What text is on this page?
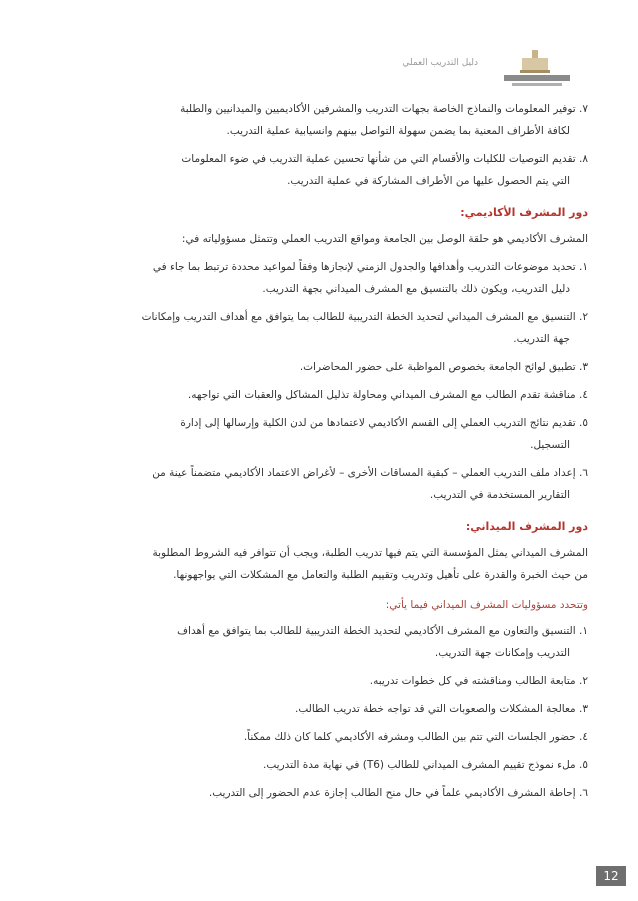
دليل التدريب العملي
٧. توفير المعلومات والنماذج الخاصة بجهات التدريب والمشرفين الأكاديميين والميدانيين والطلبة
لكافة الأطراف المعنية بما يضمن سهولة التواصل بينهم وانسيابية عملية التدريب.
٨. تقديم التوصيات للكليات والأقسام التي من شأنها تحسين عملية التدريب في ضوء المعلومات
التي يتم الحصول عليها من الأطراف المشاركة في عملية التدريب.
دور المشرف الأكاديمي:
المشرف الأكاديمي هو حلقة الوصل بين الجامعة ومواقع التدريب العملي وتتمثل مسؤولياته في:
١. تحديد موضوعات التدريب وأهدافها والجدول الزمني لإنجازها وفقاً لمواعيد محددة ترتبط بما جاء في
دليل التدريب، ويكون ذلك بالتنسيق مع المشرف الميداني بجهة التدريب.
٢. التنسيق مع المشرف الميداني لتحديد الخطة التدريبية للطالب بما يتوافق مع أهداف التدريب وإمكانات
جهة التدريب.
٣. تطبيق لوائح الجامعة بخصوص المواظبة على حضور المحاضرات.
٤. مناقشة تقدم الطالب مع المشرف الميداني ومحاولة تذليل المشاكل والعقبات التي تواجهه.
٥. تقديم نتائج التدريب العملي إلى القسم الأكاديمي لاعتمادها من لدن الكلية وإرسالها إلى إدارة
التسجيل.
٦. إعداد ملف التدريب العملي – كبقية المساقات الأخرى – لأغراض الاعتماد الأكاديمي متضمناً عينة من
التقارير المستخدمة في التدريب.
دور المشرف الميداني:
المشرف الميداني يمثل المؤسسة التي يتم فيها تدريب الطلبة، ويجب أن تتوافر فيه الشروط المطلوبة
من حيث الخبرة والقدرة على تأهيل وتدريب وتقييم الطلبة والتعامل مع المشكلات التي يواجهونها.
وتتحدد مسؤوليات المشرف الميداني فيما يأتي:
١. التنسيق والتعاون مع المشرف الأكاديمي لتحديد الخطة التدريبية للطالب بما يتوافق مع أهداف
التدريب وإمكانات جهة التدريب.
٢. متابعة الطالب ومناقشته في كل خطوات تدريبه.
٣. معالجة المشكلات والصعوبات التي قد تواجه خطة تدريب الطالب.
٤. حضور الجلسات التي تتم بين الطالب ومشرفه الأكاديمي كلما كان ذلك ممكناً.
٥. ملء نموذج تقييم المشرف الميداني للطالب (T6) في نهاية مدة التدريب.
٦. إحاطة المشرف الأكاديمي علماً في حال منح الطالب إجازة عدم الحضور إلى التدريب.
12
